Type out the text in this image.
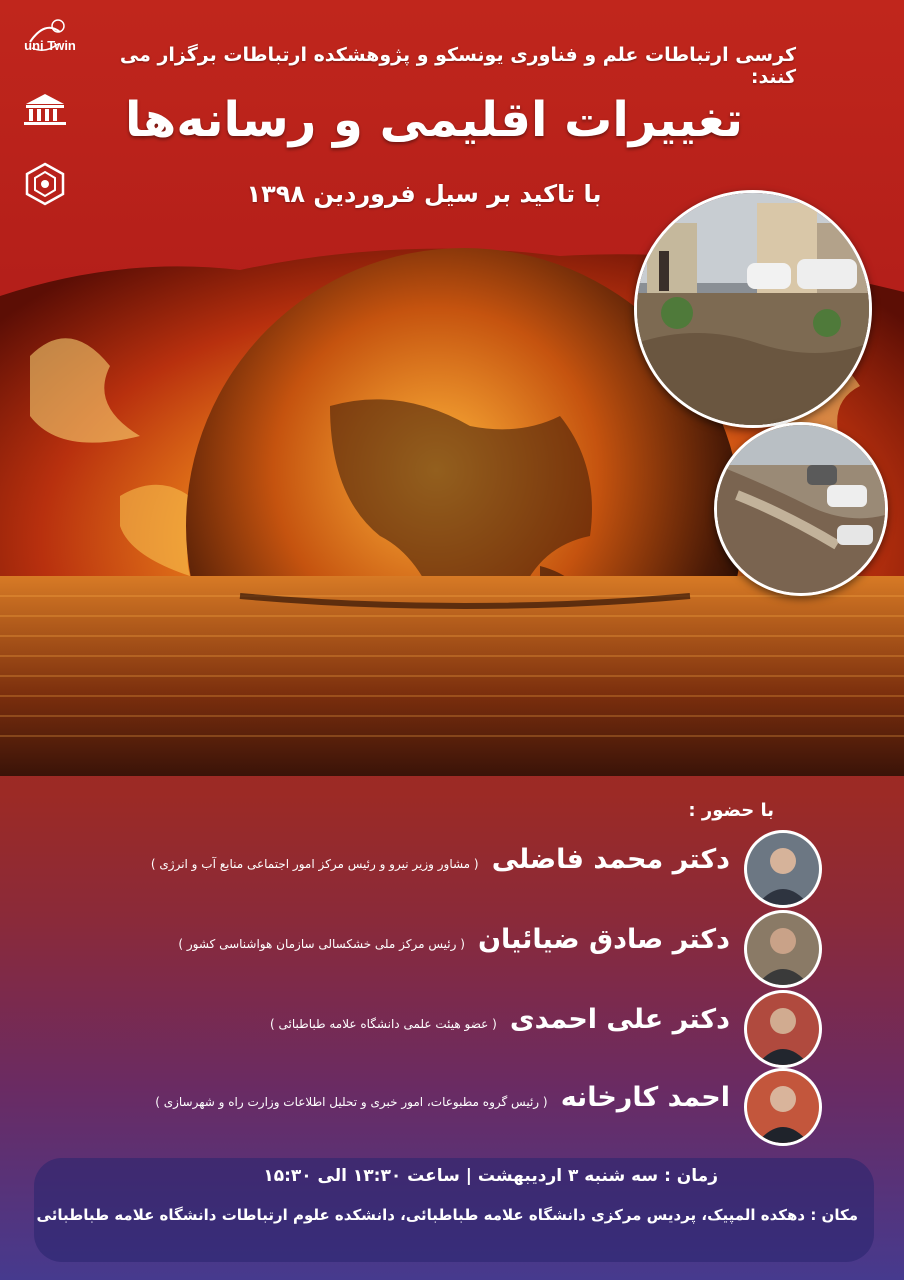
uni Twin	کرسی ارتباطات علم و فناوری یونسکو و پژوهشکده ارتباطات برگزار می کنند:
تغییرات اقلیمی و رسانه‌ها
با تاکید بر سیل فروردین ۱۳۹۸
با حضور :
دکتر محمد فاضلی ( مشاور وزیر نیرو و رئیس مرکز امور اجتماعی منابع آب و انرژی )
دکتر صادق ضیائیان ( رئیس مرکز ملی خشکسالی سازمان هواشناسی کشور )
دکتر علی احمدی ( عضو هیئت علمی دانشگاه علامه طباطبائی )
احمد کارخانه ( رئیس گروه مطبوعات، امور خبری و تحلیل اطلاعات وزارت راه و شهرسازی )
زمان : سه شنبه ۳ اردیبهشت | ساعت ۱۳:۳۰ الی ۱۵:۳۰
مکان : دهکده المپیک، پردیس مرکزی دانشگاه علامه طباطبائی، دانشکده علوم ارتباطات دانشگاه علامه طباطبائی
